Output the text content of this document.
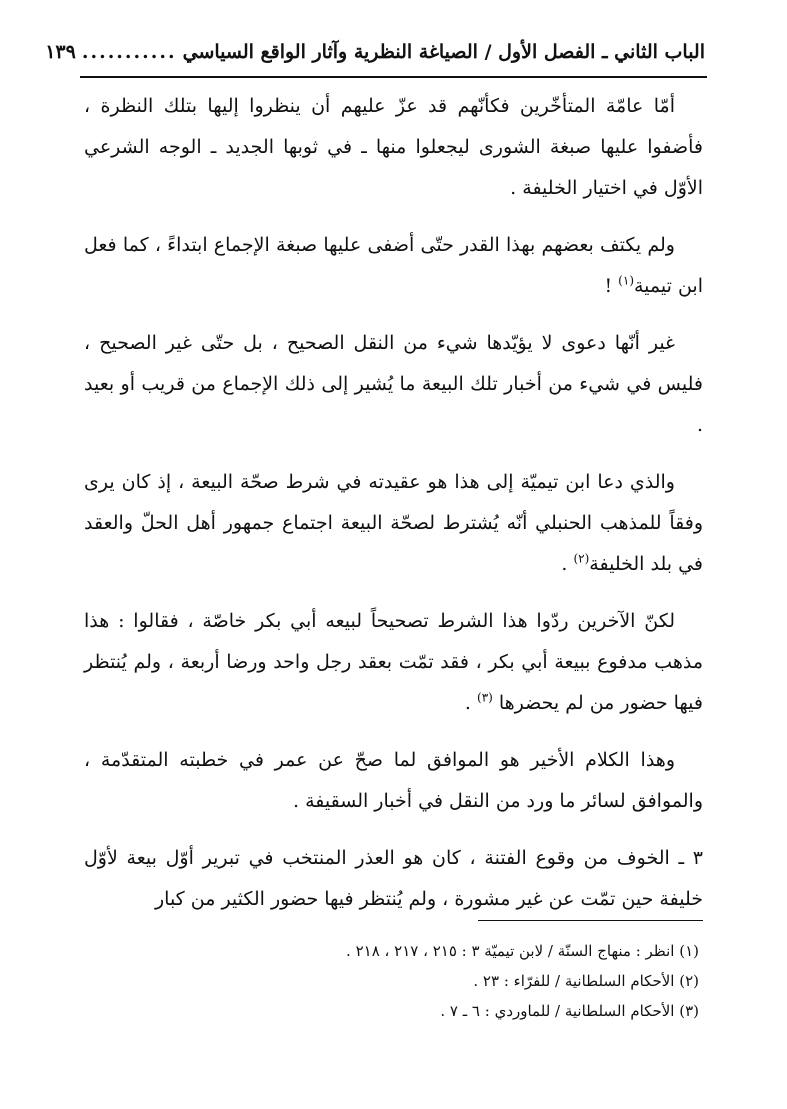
الباب الثاني ـ الفصل الأول / الصياغة النظرية وآثار الواقع السياسي
...........
١٣٩

أمّا عامّة المتأخّرين فكأنّهم قد عزّ عليهم أن ينظروا إليها بتلك النظرة ، فأضفوا عليها صبغة الشورى ليجعلوا منها ـ في ثوبها الجديد ـ الوجه الشرعي الأوّل في اختيار الخليفة .

ولم يكتف بعضهم بهذا القدر حتّى أضفى عليها صبغة الإجماع ابتداءً ، كما فعل ابن تيمية$^{(١)}$ !

غير أنّها دعوى لا يؤيّدها شيء من النقل الصحيح ، بل حتّى غير الصحيح ، فليس في شيء من أخبار تلك البيعة ما يُشير إلى ذلك الإجماع من قريب أو بعيد .

والذي دعا ابن تيميّة إلى هذا هو عقيدته في شرط صحّة البيعة ، إذ كان يرى وفقاً للمذهب الحنبلي أنّه يُشترط لصحّة البيعة اجتماع جمهور أهل الحلّ والعقد في بلد الخليفة$^{(٢)}$ .

لكنّ الآخرين ردّوا هذا الشرط تصحيحاً لبيعه أبي بكر خاصّة ، فقالوا : هذا مذهب مدفوع ببيعة أبي بكر ، فقد تمّت بعقد رجل واحد ورضا أربعة ، ولم يُنتظر فيها حضور من لم يحضرها $^{(٣)}$ .

وهذا الكلام الأخير هو الموافق لما صحّ عن عمر في خطبته المتقدّمة ، والموافق لسائر ما ورد من النقل في أخبار السقيفة .

٣ ـ الخوف من وقوع الفتنة ، كان هو العذر المنتخب في تبرير أوّل بيعة لأوّل خليفة حين تمّت عن غير مشورة ، ولم يُنتظر فيها حضور الكثير من كبار

(١) انظر : منهاج السنّة / لابن تيميّة ٣ : ٢١٥ ، ٢١٧ ، ٢١٨ .

(٢) الأحكام السلطانية / للفرّاء : ٢٣ .

(٣) الأحكام السلطانية / للماوردي : ٦ ـ ٧ .
